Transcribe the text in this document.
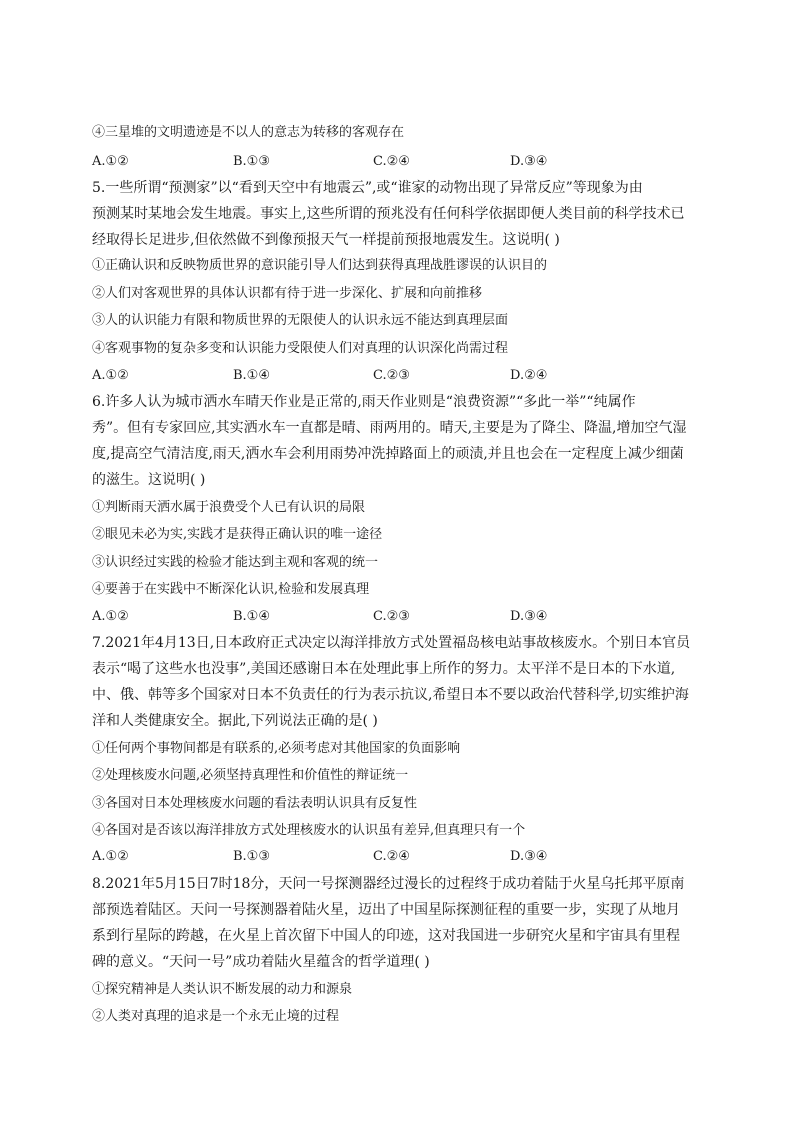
④三星堆的文明遗迹是不以人的意志为转移的客观存在
A.①②	B.①③	C.②④	D.③④
5.一些所谓“预测家”以“看到天空中有地震云”,或“谁家的动物出现了异常反应”等现象为由
预测某时某地会发生地震。事实上,这些所谓的预兆没有任何科学依据即便人类目前的科学技术已
经取得长足进步,但依然做不到像预报天气一样提前预报地震发生。这说明( )
①正确认识和反映物质世界的意识能引导人们达到获得真理战胜谬误的认识目的
②人们对客观世界的具体认识都有待于进一步深化、扩展和向前推移
③人的认识能力有限和物质世界的无限使人的认识永远不能达到真理层面
④客观事物的复杂多变和认识能力受限使人们对真理的认识深化尚需过程
A.①②	B.①④	C.②③	D.②④
6.许多人认为城市洒水车晴天作业是正常的,雨天作业则是“浪费资源”“多此一举”“纯属作
秀”。但有专家回应,其实洒水车一直都是晴、雨两用的。晴天,主要是为了降尘、降温,增加空气湿
度,提高空气清洁度,雨天,洒水车会利用雨势冲洗掉路面上的顽渍,并且也会在一定程度上减少细菌
的滋生。这说明( )
①判断雨天洒水属于浪费受个人已有认识的局限
②眼见未必为实,实践才是获得正确认识的唯一途径
③认识经过实践的检验才能达到主观和客观的统一
④要善于在实践中不断深化认识,检验和发展真理
A.①②	B.①④	C.②③	D.③④
7.2021年4月13日,日本政府正式决定以海洋排放方式处置福岛核电站事故核废水。个别日本官员
表示“喝了这些水也没事”,美国还感谢日本在处理此事上所作的努力。太平洋不是日本的下水道,
中、俄、韩等多个国家对日本不负责任的行为表示抗议,希望日本不要以政治代替科学,切实维护海
洋和人类健康安全。据此,下列说法正确的是( )
①任何两个事物间都是有联系的,必须考虑对其他国家的负面影响
②处理核废水问题,必须坚持真理性和价值性的辩证统一
③各国对日本处理核废水问题的看法表明认识具有反复性
④各国对是否该以海洋排放方式处理核废水的认识虽有差异,但真理只有一个
A.①②	B.①③	C.②④	D.③④
8.2021年5月15日7时18分，天问一号探测器经过漫长的过程终于成功着陆于火星乌托邦平原南
部预选着陆区。天问一号探测器着陆火星，迈出了中国星际探测征程的重要一步，实现了从地月
系到行星际的跨越，在火星上首次留下中国人的印迹，这对我国进一步研究火星和宇宙具有里程
碑的意义。“天问一号”成功着陆火星蕴含的哲学道理( )
①探究精神是人类认识不断发展的动力和源泉
②人类对真理的追求是一个永无止境的过程
